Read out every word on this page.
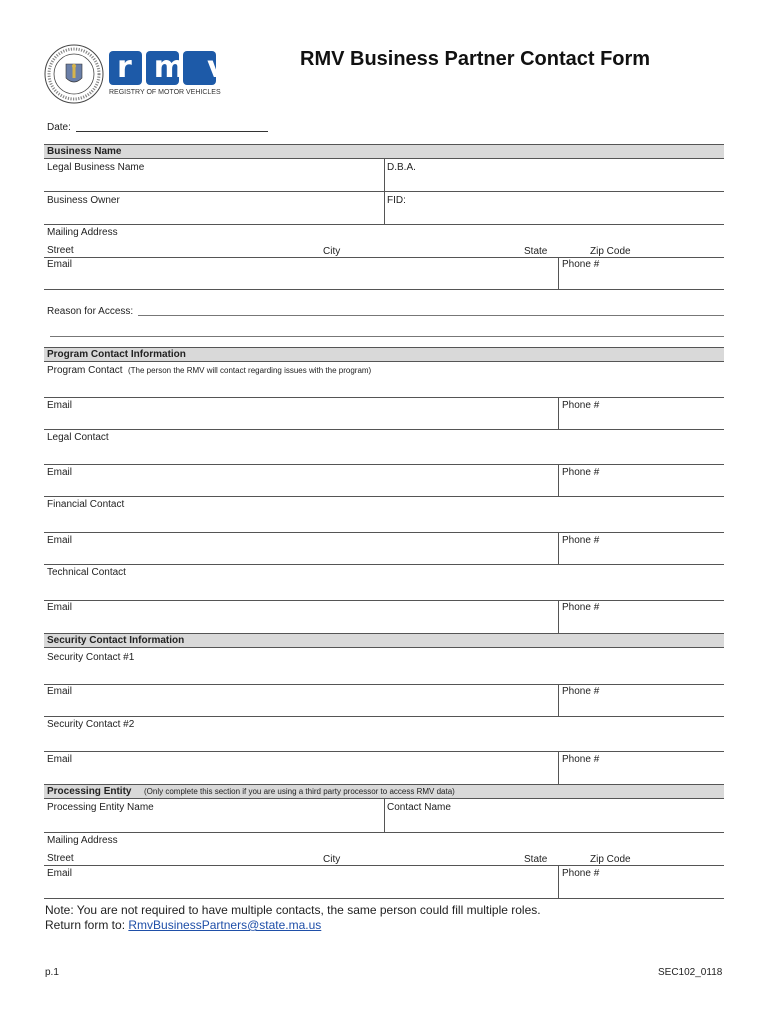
rmv
REGISTRY OF MOTOR VEHICLES
RMV Business Partner Contact Form
Date:
Business Name
Legal Business Name	D.B.A.
Business Owner	FID:
Mailing Address
Street	City	State	Zip Code
Email	Phone #
Reason for Access:
Program Contact Information
Program Contact (The person the RMV will contact regarding issues with the program)
Email	Phone #
Legal Contact
Email	Phone #
Financial Contact
Email	Phone #
Technical Contact
Email	Phone #
Security Contact Information
Security Contact #1
Email	Phone #
Security Contact #2
Email	Phone #
Processing Entity (Only complete this section if you are using a third party processor to access RMV data)
Processing Entity Name	Contact Name
Mailing Address
Street	City	State	Zip Code
Email	Phone #
Note: You are not required to have multiple contacts, the same person could fill multiple roles.
Return form to: RmvBusinessPartners@state.ma.us
p.1	SEC102_0118
